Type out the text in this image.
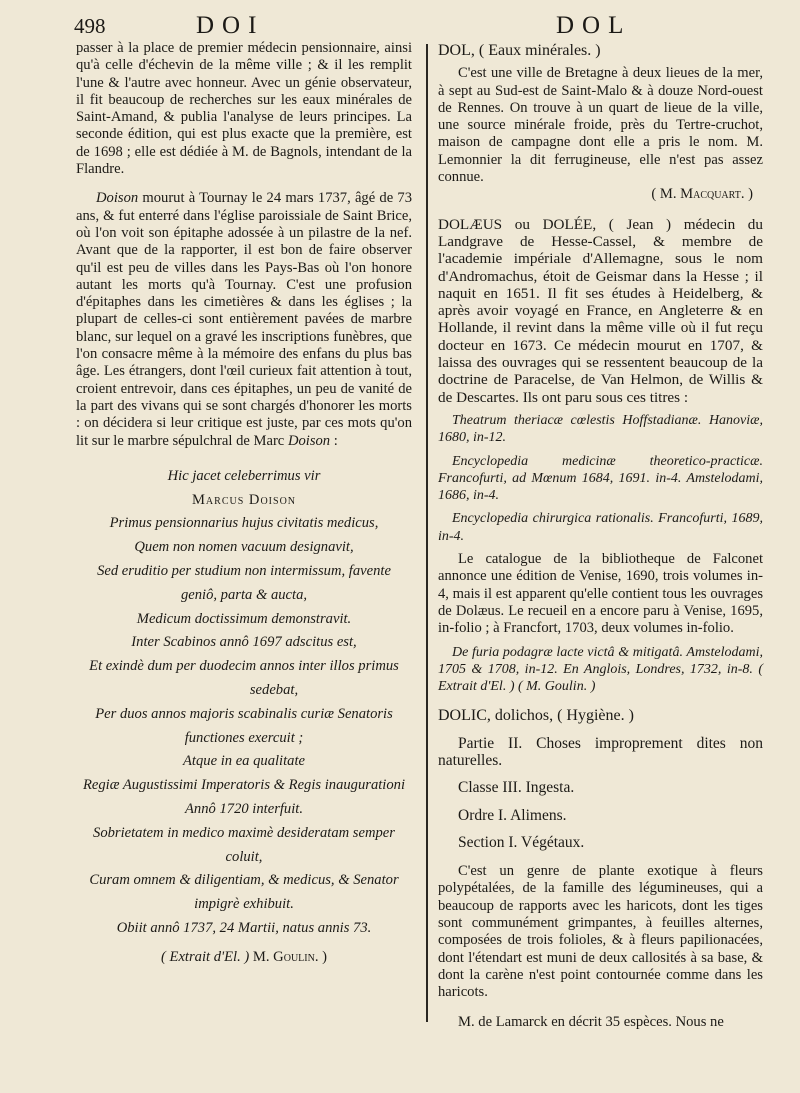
498	DOI	DOL

passer à la place de premier médecin pensionnaire, ainsi qu'à celle d'échevin de la même ville ; & il les remplit l'une & l'autre avec honneur. Avec un génie observateur, il fit beaucoup de recherches sur les eaux minérales de Saint-Amand, & publia l'analyse de leurs principes. La seconde édition, qui est plus exacte que la première, est de 1698 ; elle est dédiée à M. de Bagnols, intendant de la Flandre.

Doison mourut à Tournay le 24 mars 1737, âgé de 73 ans, & fut enterré dans l'église paroissiale de Saint Brice, où l'on voit son épitaphe adossée à un pilastre de la nef. Avant que de la rapporter, il est bon de faire observer qu'il est peu de villes dans les Pays-Bas où l'on honore autant les morts qu'à Tournay. C'est une profusion d'épitaphes dans les cimetières & dans les églises ; la plupart de celles-ci sont entièrement pavées de marbre blanc, sur lequel on a gravé les inscriptions funèbres, que l'on consacre même à la mémoire des enfans du plus bas âge. Les étrangers, dont l'œil curieux fait attention à tout, croient entrevoir, dans ces épitaphes, un peu de vanité de la part des vivans qui se sont chargés d'honorer les morts : on décidera si leur critique est juste, par ces mots qu'on lit sur le marbre sépulchral de Marc Doison :

Hic jacet celeberrimus vir
Marcus Doison
Primus pensionnarius hujus civitatis medicus,
Quem non nomen vacuum designavit,
Sed eruditio per studium non intermissum, favente
geniô, parta & aucta,
Medicum doctissimum demonstravit.
Inter Scabinos annô 1697 adscitus est,
Et exindè dum per duodecim annos inter illos primus
sedebat,
Per duos annos majoris scabinalis curiæ Senatoris
functiones exercuit ;
Atque in ea qualitate
Regiæ Augustissimi Imperatoris & Regis inaugurationi
Annô 1720 interfuit.
Sobrietatem in medico maximè desideratam semper
coluit,
Curam omnem & diligentiam, & medicus, & Senator
impigrè exhibuit.
Obiit annô 1737, 24 Martii, natus annis 73.

( Extrait d'El. ) M. Goulin. )

DOL, ( Eaux minérales. )

C'est une ville de Bretagne à deux lieues de la mer, à sept au Sud-est de Saint-Malo & à douze Nord-ouest de Rennes. On trouve à un quart de lieue de la ville, une source minérale froide, près du Tertre-cruchot, maison de campagne dont elle a pris le nom. M. Lemonnier la dit ferrugineuse, elle n'est pas assez connue.

( M. Macquart. )

DOLÆUS ou DOLÉE, ( Jean ) médecin du Landgrave de Hesse-Cassel, & membre de l'academie impériale d'Allemagne, sous le nom d'Andromachus, étoit de Geismar dans la Hesse ; il naquit en 1651. Il fit ses études à Heidelberg, & après avoir voyagé en France, en Angleterre & en Hollande, il revint dans la même ville où il fut reçu docteur en 1673. Ce médecin mourut en 1707, & laissa des ouvrages qui se ressentent beaucoup de la doctrine de Paracelse, de Van Helmon, de Willis & de Descartes. Ils ont paru sous ces titres :

Theatrum theriacæ cœlestis Hoffstadianæ. Hanoviæ, 1680, in-12.

Encyclopedia medicinæ theoretico-practicæ. Francofurti, ad Mœnum 1684, 1691. in-4. Amstelodami, 1686, in-4.

Encyclopedia chirurgica rationalis. Francofurti, 1689, in-4.

Le catalogue de la bibliotheque de Falconet annonce une édition de Venise, 1690, trois volumes in-4, mais il est apparent qu'elle contient tous les ouvrages de Dolæus. Le recueil en a encore paru à Venise, 1695, in-folio ; à Francfort, 1703, deux volumes in-folio.

De furia podagræ lacte victâ & mitigatâ. Amstelodami, 1705 & 1708, in-12. En Anglois, Londres, 1732, in-8. ( Extrait d'El. ) ( M. Goulin. )

DOLIC, dolichos, ( Hygiène. )

Partie II. Choses improprement dites non naturelles.

Classe III. Ingesta.

Ordre I. Alimens.

Section I. Végétaux.

C'est un genre de plante exotique à fleurs polypétalées, de la famille des légumineuses, qui a beaucoup de rapports avec les haricots, dont les tiges sont communément grimpantes, à feuilles alternes, composées de trois folioles, & à fleurs papilionacées, dont l'étendart est muni de deux callosités à sa base, & dont la carène n'est point contournée comme dans les haricots.

M. de Lamarck en décrit 35 espèces. Nous ne
